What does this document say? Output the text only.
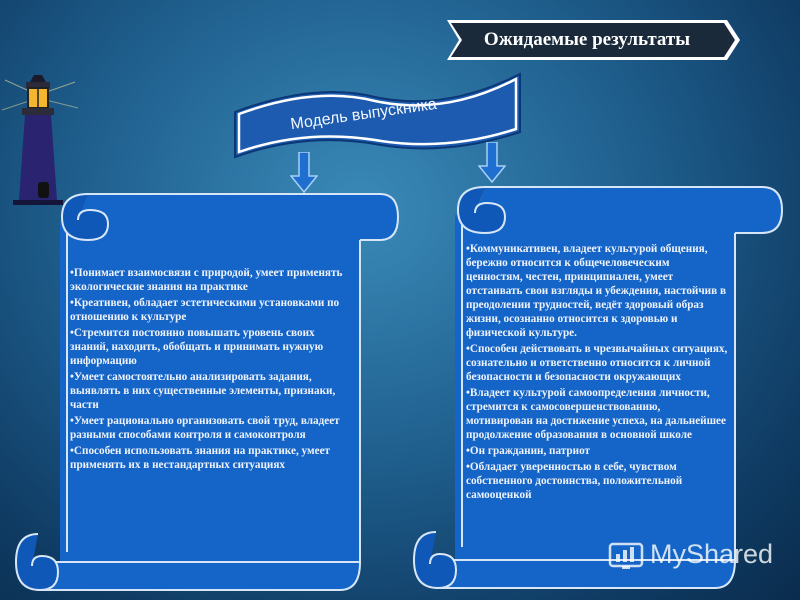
Ожидаемые результаты
Модель выпускника

•Понимает взаимосвязи с природой, умеет применять экологические знания на практике

•Креативен, обладает эстетическими установками по отношению к культуре

•Стремится постоянно повышать уровень своих знаний, находить, обобщать и принимать нужную информацию

•Умеет самостоятельно анализировать задания, выявлять в них существенные элементы, признаки, части

•Умеет рационально организовать свой труд, владеет разными способами контроля и самоконтроля

•Способен использовать знания на практике, умеет применять их в нестандартных ситуациях

•Коммуникативен, владеет культурой общения, бережно относится к общечеловеческим ценностям, честен, принципиален, умеет отстаивать свои взгляды и убеждения, настойчив в преодолении трудностей, ведёт здоровый образ жизни, осознанно относится к здоровью и физической культуре.

•Способен действовать в чрезвычайных ситуациях, сознательно и ответственно относится к личной безопасности и безопасности окружающих

•Владеет культурой самоопределения личности, стремится к самосовершенствованию, мотивирован на достижение успеха, на дальнейшее продолжение образования в основной школе

•Он гражданин, патриот

•Обладает уверенностью в себе, чувством собственного достоинства, положительной самооценкой

MyShared
